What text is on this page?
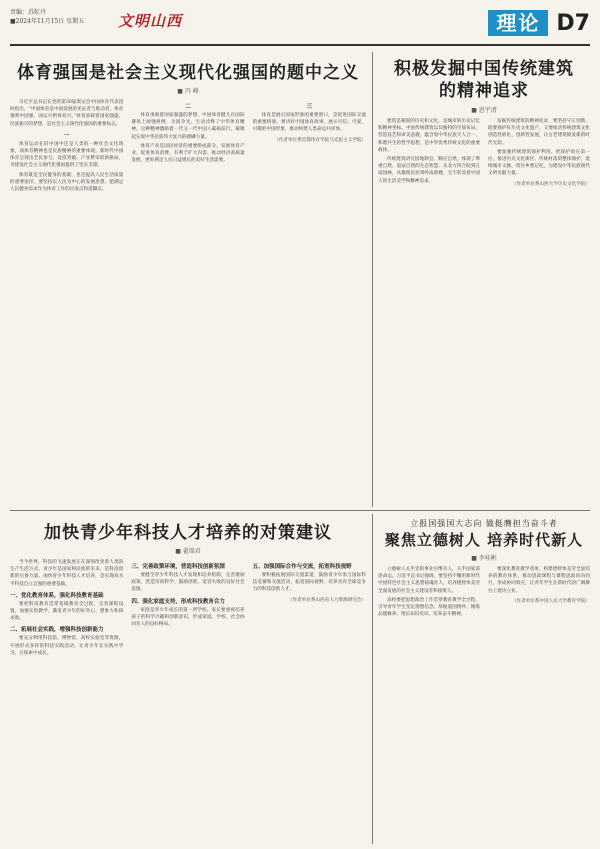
责编：苏虹丹
■2024年11月15日 星期五 文明山西	理论 D7
体育强国是社会主义现代化强国的题中之义
■ 冯 峰

习近平总书记在党的第30届奥运会中国体育代表团时指出，“中国体育是中国发展的见证者与推动者，体育强则中国强，国运兴则体育兴。”体育承载着国家强盛、民族振兴的梦想，是社会主义现代化强国的重要标志。

一

体育运动在旧中国中还是人类的一种社会文化现象，而体育精神也是民族精神的重要体现。新时代中国体育呈现出全民参与、竞技突破、产业繁荣的新格局，为建设社会主义现代化强国提供了坚实支撑。

体育既是全民健身的基础，也是提高人民生活质量的重要途径。要坚持以人民为中心的发展思想，把满足人民健身需求作为体育工作的出发点和落脚点。

二

体育承载着国家强盛的梦想。中国体育健儿在国际赛场上顽强拼搏、为国争光，生动诠释了中华体育精神。这种精神激励着一代又一代中国人砥砺前行，凝聚起实现中华民族伟大复兴的磅礴力量。

体育产业是国民经济的重要组成部分。发展体育产业、促进体育消费，有利于扩大内需、推动经济高质量发展，更好满足人民日益增长的美好生活需要。

三

体育是展示国家形象的重要窗口，是促进国际交流的重要桥梁。要讲好中国体育故事，展示可信、可爱、可敬的中国形象，推动构建人类命运共同体。

（作者单位系首都体育学院马克思主义学院）
积极发掘中国传统建筑
的精神追求
■ 恩宇清

建筑是凝固的历史和文化，是城市的历史记忆和精神坐标。中国传统建筑以其独特的空间布局、营造技艺和审美意趣，蕴含着中华民族天人合一、和谐共生的哲学思想，是中华优秀传统文化的重要载体。

传统建筑讲究因地制宜、顺应自然，体现了尊重自然、道法自然的生态智慧。从北方四合院到江南园林，从徽派民居到岭南骑楼，无不彰显着中国人的生活美学和精神追求。

发掘传统建筑的精神追求，要坚持守正创新，既要保护好历史文化遗产，又要推动传统建筑文化创造性转化、创新性发展，让古老建筑焕发新的时代光彩。

要加强传统建筑保护利用，把保护放在第一位，推进历史文化街区、传统村落的整体保护，延续城市文脉，留住乡愁记忆，为建设中华民族现代文明贡献力量。

（作者单位系山西大学历史文化学院）
加快青少年科技人才培养的对策建议
■ 翟瑞君

当今世界，科技的飞速发展正在深刻改变着人类的生产生活方式。青少年是国家和民族的未来，是科技创新的后备力量。加快青少年科技人才培养，是实现高水平科技自立自强的重要基础。

一、优化教育体系，强化科技教育基础

要把科技教育贯穿基础教育全过程，完善课程设置，加强实验教学，激发青少年的好奇心、想象力和探求欲。

二、拓展社会实践，增强科技创新能力

要充分利用科技馆、博物馆、高校实验室等资源，开展形式多样的科技实践活动，让青少年在实践中学习、在探索中成长。

三、完善政策环境，营造科技创新氛围

要健全青少年科技人才发现和培养机制，完善激励政策，营造崇尚科学、鼓励创新、宽容失败的良好社会氛围。

四、强化家庭支持，形成科技教育合力

家庭是青少年成长的第一所学校。家长要重视培养孩子的科学兴趣和创新意识，形成家庭、学校、社会协同育人的良好格局。

五、加强国际合作与交流，拓宽科技视野

要积极拓展国际交流渠道，鼓励青少年参与国际科技竞赛和交流活动，拓宽国际视野，培养具有全球竞争力的科技创新人才。

（作者单位系山西省人力资源研究会）
立报国强国大志向 做挺膺担当奋斗者
聚焦立德树人 培养时代新人
■ 李桂彬

立德树人关乎党的事业后继有人，关乎国家前途命运。习近平总书记强调，要坚持不懈用新时代中国特色社会主义思想铸魂育人，培养德智体美劳全面发展的社会主义建设者和接班人。

高校要把思想政治工作贯穿教育教学全过程，引导青年学生坚定理想信念、厚植爱国情怀、锤炼品德修养、增长知识见识、培养奋斗精神。

要深化教育教学改革，构建德智体美劳全面培养的教育体系，推动思政课程与课程思政同向同行，形成协同效应，让青年学生在新时代的广阔舞台上建功立业。

（作者单位系中国人民大学教育学院）
